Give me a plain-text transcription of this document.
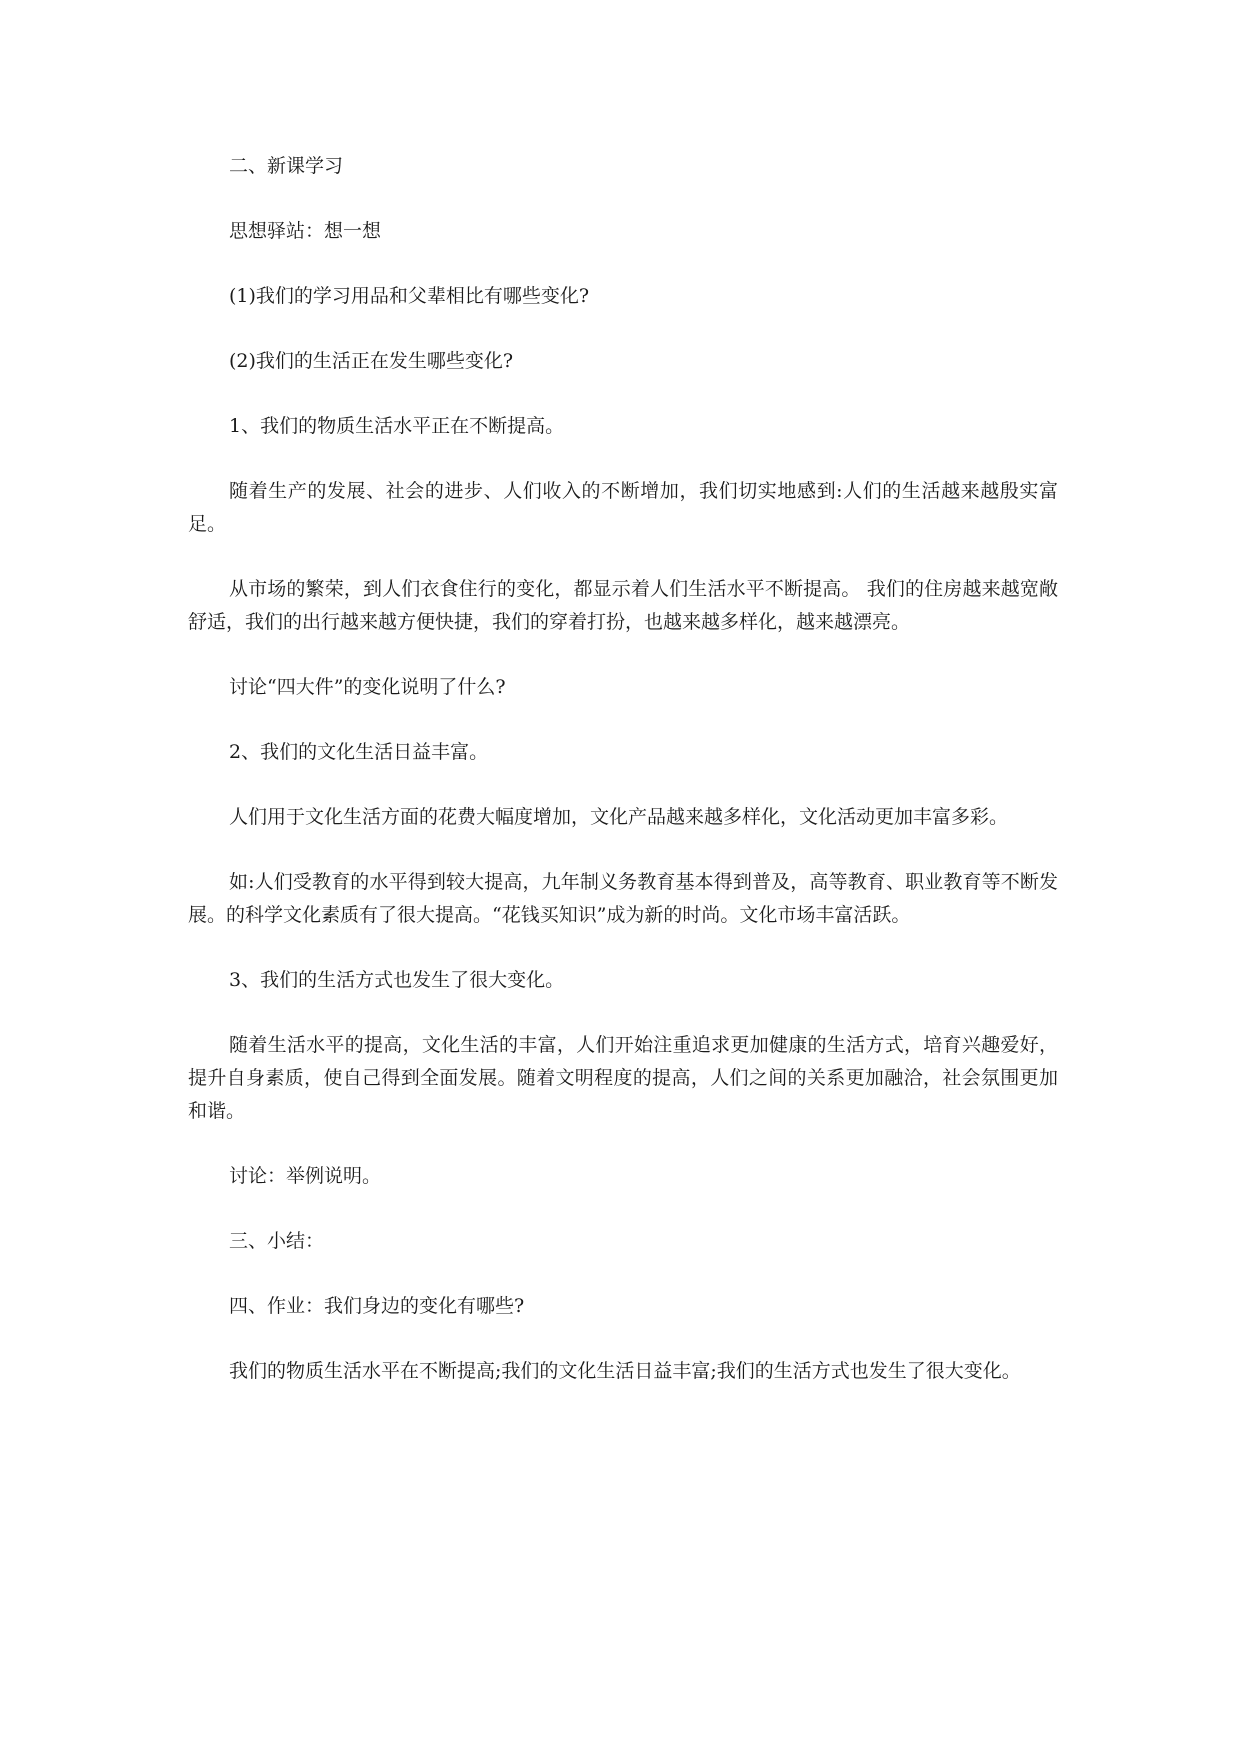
二、新课学习

思想驿站：想一想

(1)我们的学习用品和父辈相比有哪些变化?

(2)我们的生活正在发生哪些变化?

1、我们的物质生活水平正在不断提高。

随着生产的发展、社会的进步、人们收入的不断增加，我们切实地感到:人们的生活越来越殷实富足。

从市场的繁荣，到人们衣食住行的变化，都显示着人们生活水平不断提高。 我们的住房越来越宽敞舒适，我们的出行越来越方便快捷，我们的穿着打扮，也越来越多样化，越来越漂亮。

讨论“四大件”的变化说明了什么?

2、我们的文化生活日益丰富。

人们用于文化生活方面的花费大幅度增加，文化产品越来越多样化，文化活动更加丰富多彩。

如:人们受教育的水平得到较大提高，九年制义务教育基本得到普及，高等教育、职业教育等不断发展。的科学文化素质有了很大提高。“花钱买知识”成为新的时尚。文化市场丰富活跃。

3、我们的生活方式也发生了很大变化。

随着生活水平的提高，文化生活的丰富，人们开始注重追求更加健康的生活方式，培育兴趣爱好，提升自身素质，使自己得到全面发展。随着文明程度的提高，人们之间的关系更加融洽，社会氛围更加和谐。

讨论：举例说明。

三、小结：

四、作业：我们身边的变化有哪些?

我们的物质生活水平在不断提高;我们的文化生活日益丰富;我们的生活方式也发生了很大变化。
